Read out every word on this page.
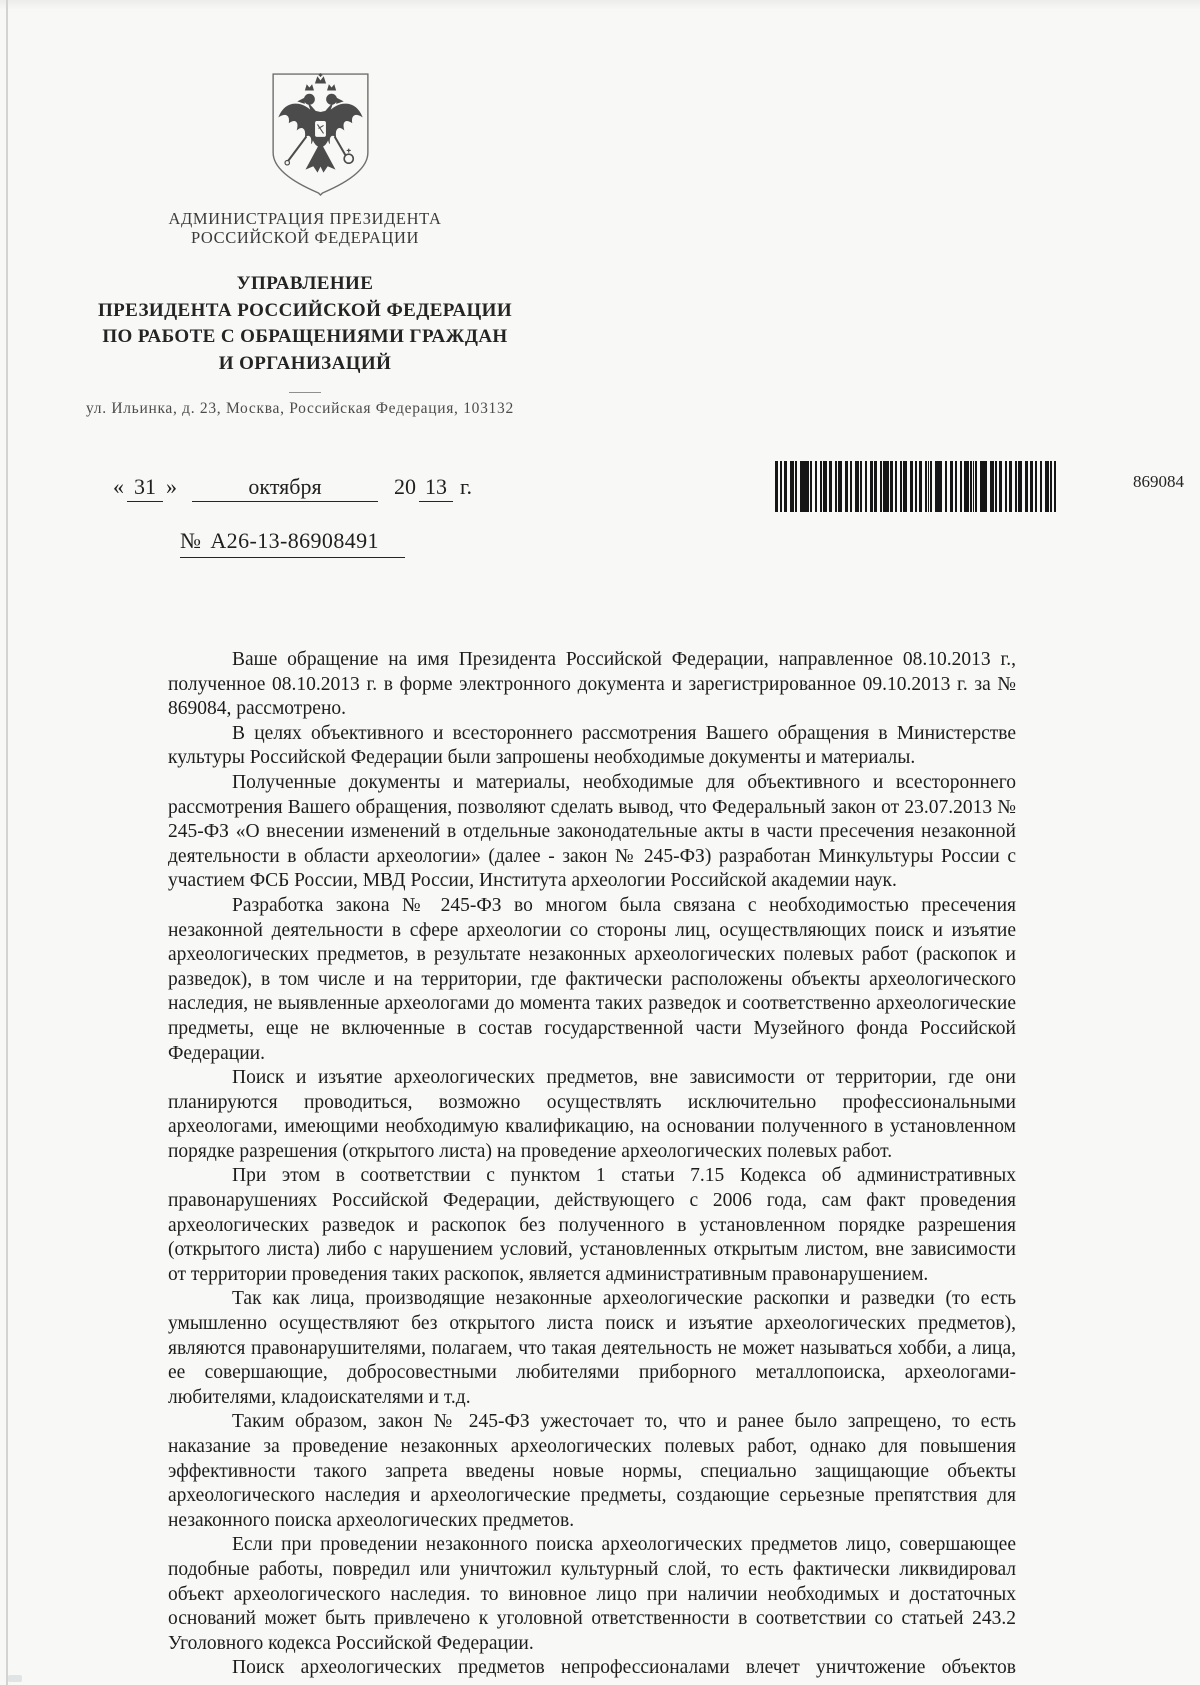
АДМИНИСТРАЦИЯ ПРЕЗИДЕНТА
РОССИЙСКОЙ ФЕДЕРАЦИИ
УПРАВЛЕНИЕ
ПРЕЗИДЕНТА РОССИЙСКОЙ ФЕДЕРАЦИИ
ПО РАБОТЕ С ОБРАЩЕНИЯМИ ГРАЖДАН
И ОРГАНИЗАЦИЙ
ул. Ильинка, д. 23, Москва, Российская Федерация, 103132
« 31 »	октября	20 13 г.	869084
№ А26-13-86908491

Ваше обращение на имя Президента Российской Федерации, направленное 08.10.2013 г., полученное 08.10.2013 г. в форме электронного документа и зарегистрированное 09.10.2013 г. за № 869084, рассмотрено.

В целях объективного и всестороннего рассмотрения Вашего обращения в Министерстве культуры Российской Федерации были запрошены необходимые документы и материалы.

Полученные документы и материалы, необходимые для объективного и всестороннего рассмотрения Вашего обращения, позволяют сделать вывод, что Федеральный закон от 23.07.2013 № 245-ФЗ «О внесении изменений в отдельные законодательные акты в части пресечения незаконной деятельности в области археологии» (далее - закон № 245-ФЗ) разработан Минкультуры России с участием ФСБ России, МВД России, Института археологии Российской академии наук.

Разработка закона № 245-ФЗ во многом была связана с необходимостью пресечения незаконной деятельности в сфере археологии со стороны лиц, осуществляющих поиск и изъятие археологических предметов, в результате незаконных археологических полевых работ (раскопок и разведок), в том числе и на территории, где фактически расположены объекты археологического наследия, не выявленные археологами до момента таких разведок и соответственно археологические предметы, еще не включенные в состав государственной части Музейного фонда Российской Федерации.

Поиск и изъятие археологических предметов, вне зависимости от территории, где они планируются проводиться, возможно осуществлять исключительно профессиональными археологами, имеющими необходимую квалификацию, на основании полученного в установленном порядке разрешения (открытого листа) на проведение археологических полевых работ.

При этом в соответствии с пунктом 1 статьи 7.15 Кодекса об административных правонарушениях Российской Федерации, действующего с 2006 года, сам факт проведения археологических разведок и раскопок без полученного в установленном порядке разрешения (открытого листа) либо с нарушением условий, установленных открытым листом, вне зависимости от территории проведения таких раскопок, является административным правонарушением.

Так как лица, производящие незаконные археологические раскопки и разведки (то есть умышленно осуществляют без открытого листа поиск и изъятие археологических предметов), являются правонарушителями, полагаем, что такая деятельность не может называться хобби, а лица, ее совершающие, добросовестными любителями приборного металлопоиска, археологами- любителями, кладоискателями и т.д.

Таким образом, закон № 245-ФЗ ужесточает то, что и ранее было запрещено, то есть наказание за проведение незаконных археологических полевых работ, однако для повышения эффективности такого запрета введены новые нормы, специально защищающие объекты археологического наследия и археологические предметы, создающие серьезные препятствия для незаконного поиска археологических предметов.

Если при проведении незаконного поиска археологических предметов лицо, совершающее подобные работы, повредил или уничтожил культурный слой, то есть фактически ликвидировал объект археологического наследия. то виновное лицо при наличии необходимых и достаточных оснований может быть привлечено к уголовной ответственности в соответствии со статьей 243.2 Уголовного кодекса Российской Федерации.

Поиск археологических предметов непрофессионалами влечет уничтожение объектов
